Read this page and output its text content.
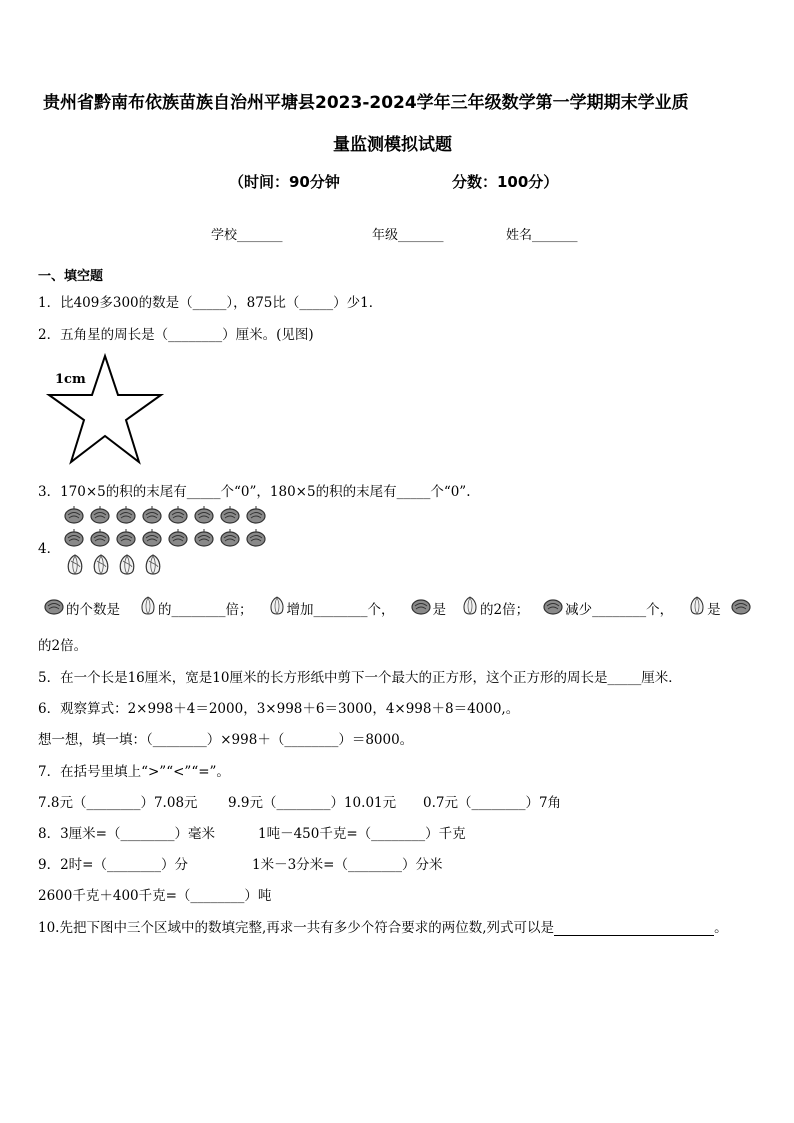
贵州省黔南布依族苗族自治州平塘县2023-2024学年三年级数学第一学期期末学业质
量监测模拟试题
（时间：90分钟	分数：100分）
学校_______	年级_______	姓名_______
一、填空题
1．比409多300的数是（_____），875比（_____）少1．
2．五角星的周长是（________）厘米。(见图)
1cm
3．170×5的积的末尾有_____个“0”，180×5的积的末尾有_____个“0”.
4．
的个数是	的________倍；	增加________个，	是	的2倍；	减少________个，	是
的2倍。
5．在一个长是16厘米，宽是10厘米的长方形纸中剪下一个最大的正方形，这个正方形的周长是_____厘米．
6．观察算式：2×998＋4＝2000，3×998＋6＝3000，4×998＋8＝4000,。
想一想，填一填：（________）×998＋（________）＝8000。
7．在括号里填上“>”“<”“=”。
7.8元（________）7.08元 9.9元（________）10.01元 0.7元（________）7角
8．3厘米=（________）毫米	1吨－450千克=（________）千克
9．2时=（________）分	1米－3分米=（________）分米
2600千克＋400千克=（________）吨
10.先把下图中三个区域中的数填完整,再求一共有多少个符合要求的两位数,列式可以是	。
